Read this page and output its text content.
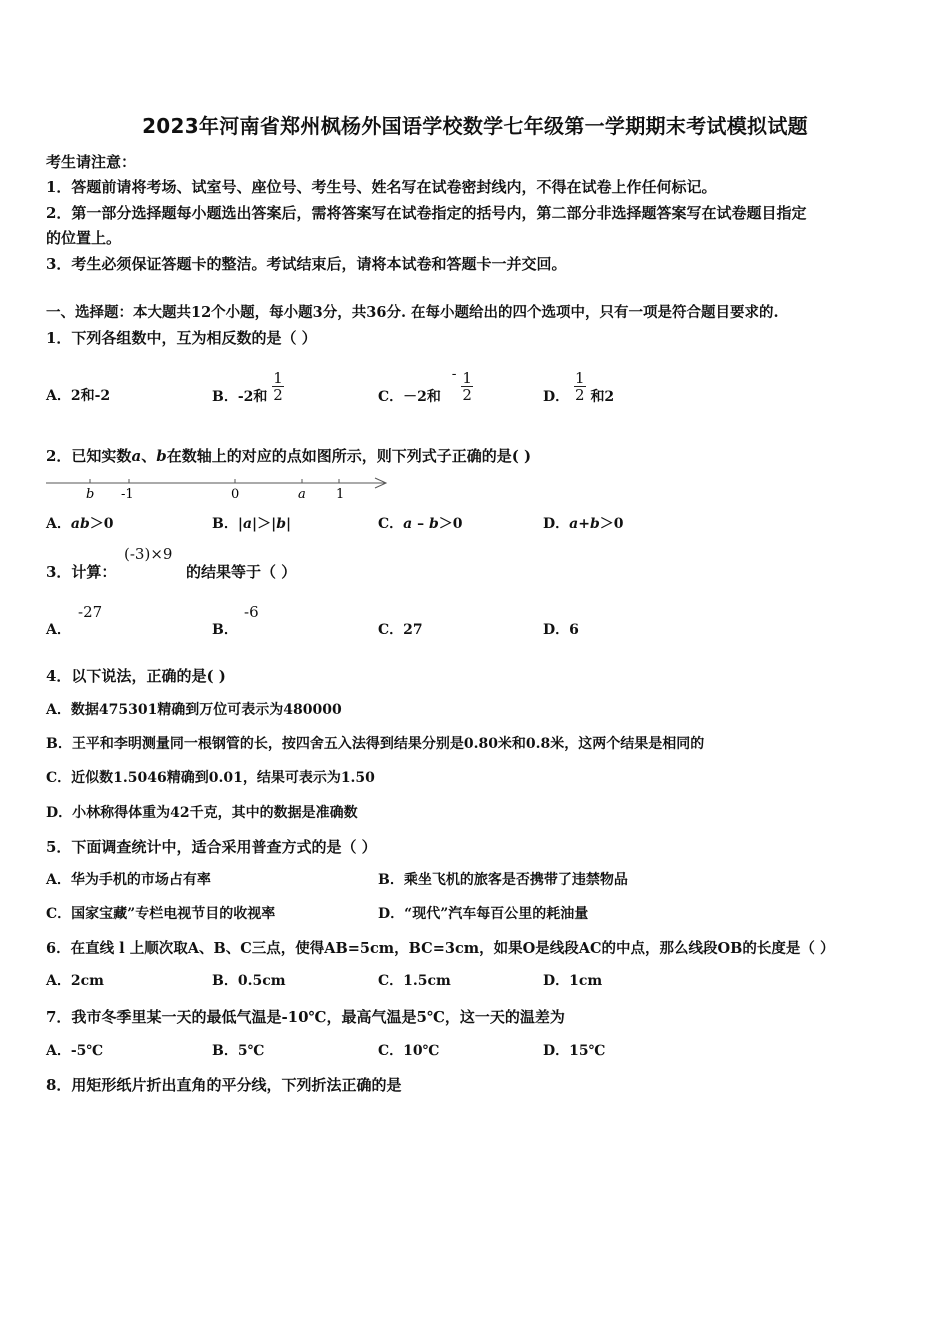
2023年河南省郑州枫杨外国语学校数学七年级第一学期期末考试模拟试题
考生请注意：
1．答题前请将考场、试室号、座位号、考生号、姓名写在试卷密封线内，不得在试卷上作任何标记。
2．第一部分选择题每小题选出答案后，需将答案写在试卷指定的括号内，第二部分非选择题答案写在试卷题目指定
的位置上。
3．考生必须保证答题卡的整洁。考试结束后，请将本试卷和答题卡一并交回。
一、选择题：本大题共12个小题，每小题3分，共36分. 在每小题给出的四个选项中，只有一项是符合题目要求的.
1．下列各组数中，互为相反数的是（ ）
A．2和-2	B．-2和 $\frac{1}{2}$	C．－2和 - $\frac{1}{2}$	D． $\frac{1}{2}$ 和2
2．已知实数a、b在数轴上的对应的点如图所示，则下列式子正确的是( )
b -1	0	a 1
A．ab＞0	B．|a|＞|b|	C．a – b＞0	D．a+b＞0
3．计算：
(-3)×9
的结果等于（ ）
A．
-27
B．
-6
C．27	D．6
4．以下说法，正确的是( )
A．数据475301精确到万位可表示为480000
B．王平和李明测量同一根钢管的长，按四舍五入法得到结果分别是0.80米和0.8米，这两个结果是相同的
C．近似数1.5046精确到0.01，结果可表示为1.50
D．小林称得体重为42千克，其中的数据是准确数
5．下面调查统计中，适合采用普查方式的是（ ）
A．华为手机的市场占有率	B．乘坐飞机的旅客是否携带了违禁物品
C．国家宝藏”专栏电视节目的收视率	D．“现代”汽车每百公里的耗油量
6．在直线 l 上顺次取A、B、C三点，使得AB=5cm，BC=3cm，如果O是线段AC的中点，那么线段OB的长度是（ ）
A．2cm	B．0.5cm	C．1.5cm	D．1cm
7．我市冬季里某一天的最低气温是-10℃，最高气温是5℃，这一天的温差为
A．-5℃	B．5℃	C．10℃	D．15℃
8．用矩形纸片折出直角的平分线，下列折法正确的是
